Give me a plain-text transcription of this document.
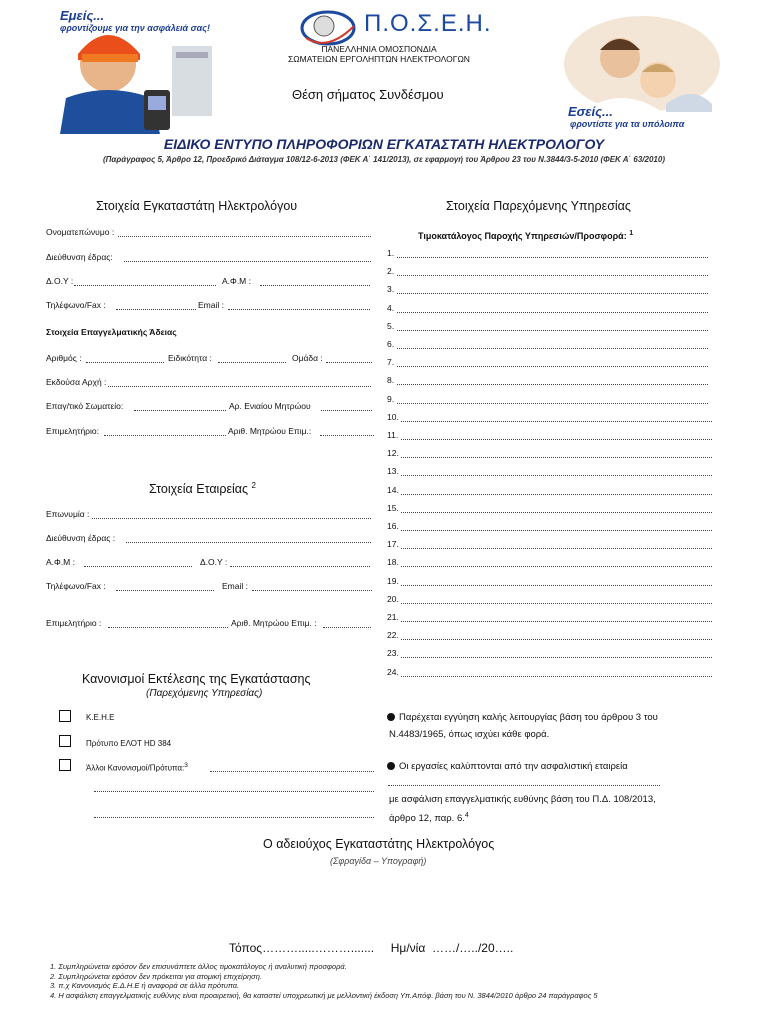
Εμείς...
φροντίζουμε για την ασφάλειά σας!	Π.Ο.Σ.Ε.Η.
ΠΑΝΕΛΛΗΝΙΑ ΟΜΟΣΠΟΝΔΙΑ
ΣΩΜΑΤΕΙΩΝ ΕΡΓΟΛΗΠΤΩΝ ΗΛΕΚΤΡΟΛΟΓΩΝ
Θέση σήματος Συνδέσμου
Εσείς...
φροντίστε για τα υπόλοιπα
ΕΙΔΙΚΟ ΕΝΤΥΠΟ ΠΛΗΡΟΦΟΡΙΩΝ ΕΓΚΑΤΑΣΤΑΤΗ ΗΛΕΚΤΡΟΛΟΓΟΥ
(Παράγραφος 5, Άρθρο 12, Προεδρικό Διάταγμα 108/12-6-2013 (ΦΕΚ Α΄ 141/2013), σε εφαρμογή του Άρθρου 23 του Ν.3844/3-5-2010 (ΦΕΚ Α΄ 63/2010)
Στοιχεία Εγκαταστάτη Ηλεκτρολόγου
Ονοματεπώνυμο :
Διεύθυνση έδρας:
Δ.Ο.Υ :	Α.Φ.Μ :
Τηλέφωνο/Fax :	Email :
Στοιχεία Επαγγελματικής Άδειας
Αριθμός :	Ειδικότητα :	Ομάδα :
Εκδούσα Αρχή :
Επαγ/τικό Σωματείο:	Αρ. Ενιαίου Μητρώου
Επιμελητήριο:	Αριθ. Μητρώου Επιμ.:
Στοιχεία Εταιρείας $^2$
Επωνυμία :
Διεύθυνση έδρας :
Α.Φ.Μ :	Δ.Ο.Υ :
Τηλέφωνο/Fax :	Email :
Επιμελητήριο :	Αριθ. Μητρώου Επιμ. :
Στοιχεία Παρεχόμενης Υπηρεσίας
Τιμοκατάλογος Παροχής Υπηρεσιών/Προσφορά: $^1$
1.
2.
3.
4.
5.
6.
7.
8.
9.
10.
11.
12.
13.
14.
15.
16.
17.
18.
19.
20.
21.
22.
23.
24.
Κανονισμοί Εκτέλεσης της Εγκατάστασης
(Παρεχόμενης Υπηρεσίας)
Κ.Ε.Η.Ε
Πρότυπο ΕΛΟΤ HD 384
Άλλοι Κανονισμοί/Πρότυπα:$^3$
Παρέχεται εγγύηση καλής λειτουργίας βάση του άρθρου 3 του
Ν.4483/1965, όπως ισχύει κάθε φορά.
Οι εργασίες καλύπτονται από την ασφαλιστική εταιρεία
με ασφάλιση επαγγελματικής ευθύνης βάση του Π.Δ. 108/2013,
άρθρο 12, παρ. 6.$^4$
Ο αδειούχος Εγκαταστάτης Ηλεκτρολόγος
(Σφραγίδα – Υπογραφή)
Τόπος……….....……….......     Ημ/νία  ……/…../20…..
1. Συμπληρώνεται εφόσον δεν επισυνάπτετε άλλος τιμοκατάλογος ή αναλυτική προσφορά.
2. Συμπληρώνεται εφόσον δεν πρόκειται για ατομική επιχείρηση.
3. π.χ Κανονισμός Ε.Δ.Η.Ε ή αναφορά σε άλλα πρότυπα.
4. Η ασφάλιση επαγγελματικής ευθύνης είναι προαιρετική, θα καταστεί υποχρεωτική με μελλοντική έκδοση Υπ.Απόφ. βάση του Ν. 3844/2010 άρθρο 24 παράγραφος 5
